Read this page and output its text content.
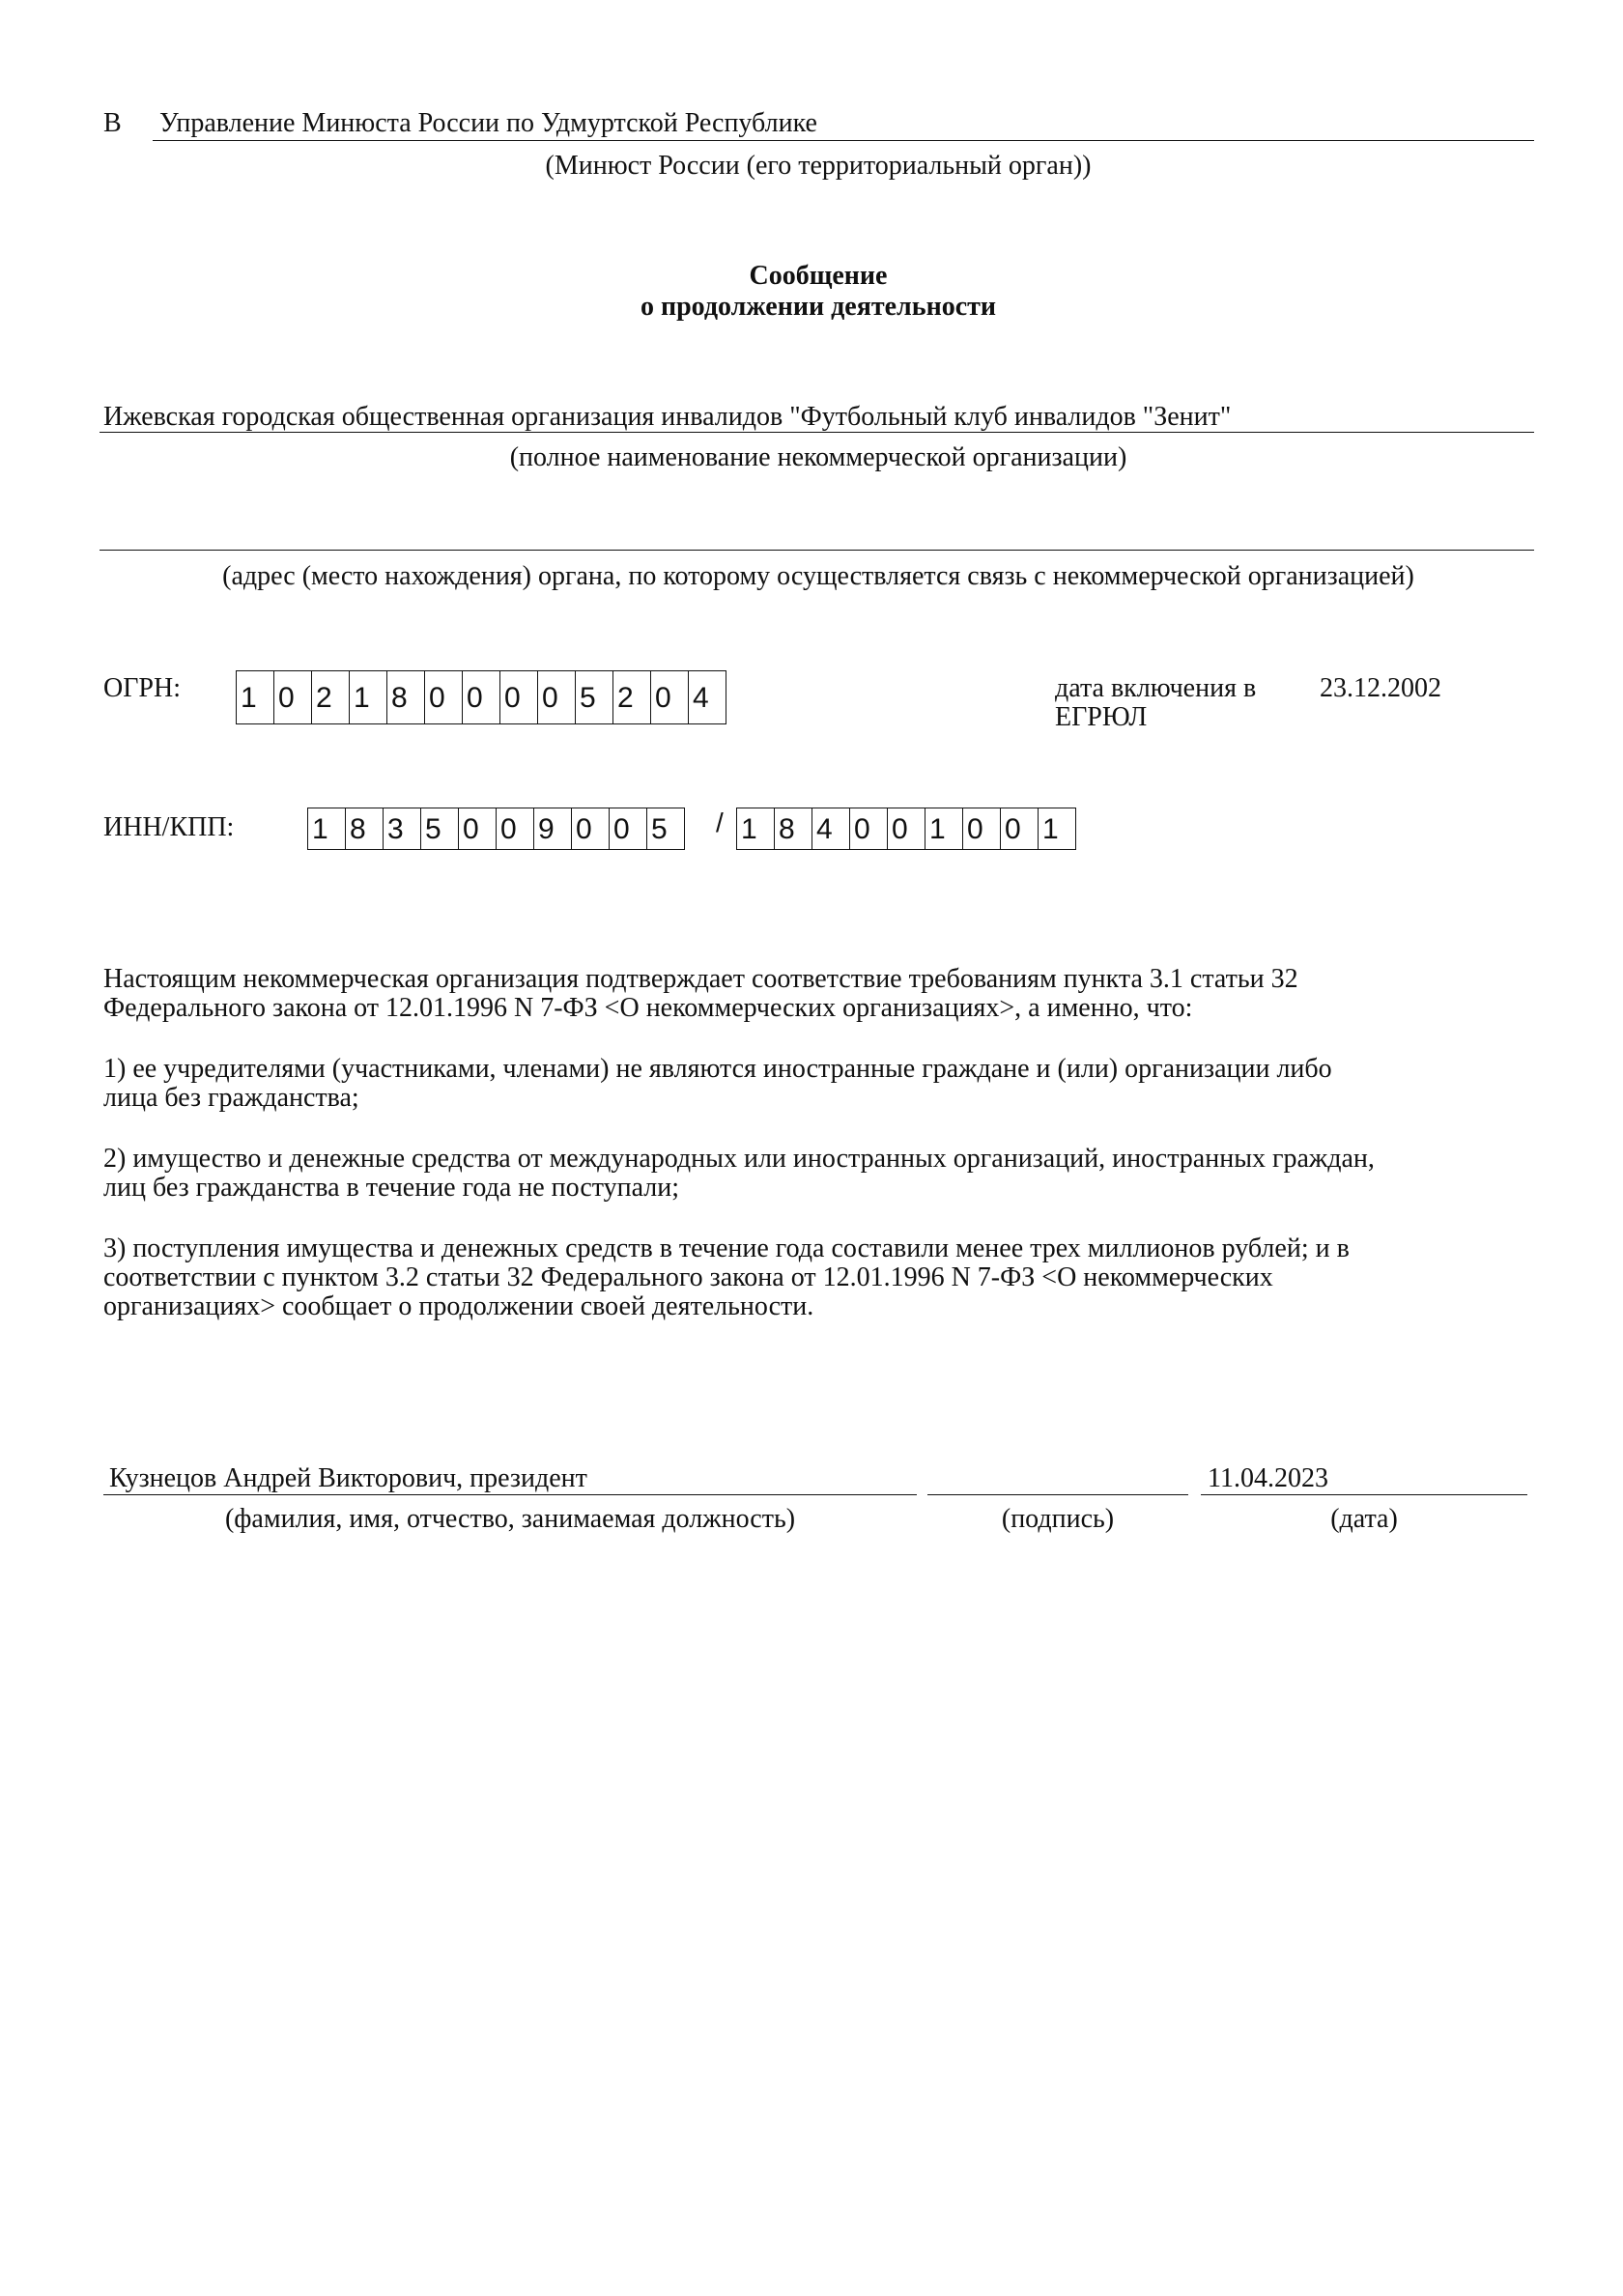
В Управление Минюста России по Удмуртской Республике
(Минюст России (его территориальный орган))
Сообщение
о продолжении деятельности
Ижевская городская общественная организация инвалидов "Футбольный клуб инвалидов "Зенит"
(полное наименование некоммерческой организации)
(адрес (место нахождения) органа, по которому осуществляется связь с некоммерческой организацией)
ОГРН: 1 0 2 1 8 0 0 0 0 5 2 0 4	дата включения в
ЕГРЮЛ
23.12.2002
ИНН/КПП:	1 8 3 5 0 0 9 0 0 5	/ 1 8 4 0 0 1 0 0 1
Настоящим некоммерческая организация подтверждает соответствие требованиям пункта 3.1 статьи 32
Федерального закона от 12.01.1996 N 7-ФЗ <О некоммерческих организациях>, а именно, что:
1) ее учредителями (участниками, членами) не являются иностранные граждане и (или) организации либо
лица без гражданства;
2) имущество и денежные средства от международных или иностранных организаций, иностранных граждан,
лиц без гражданства в течение года не поступали;
3) поступления имущества и денежных средств в течение года составили менее трех миллионов рублей; и в
соответствии с пунктом 3.2 статьи 32 Федерального закона от 12.01.1996 N 7-ФЗ <О некоммерческих
организациях> сообщает о продолжении своей деятельности.
Кузнецов Андрей Викторович, президент
(фамилия, имя, отчество, занимаемая должность)	(подпись)
11.04.2023
(дата)
